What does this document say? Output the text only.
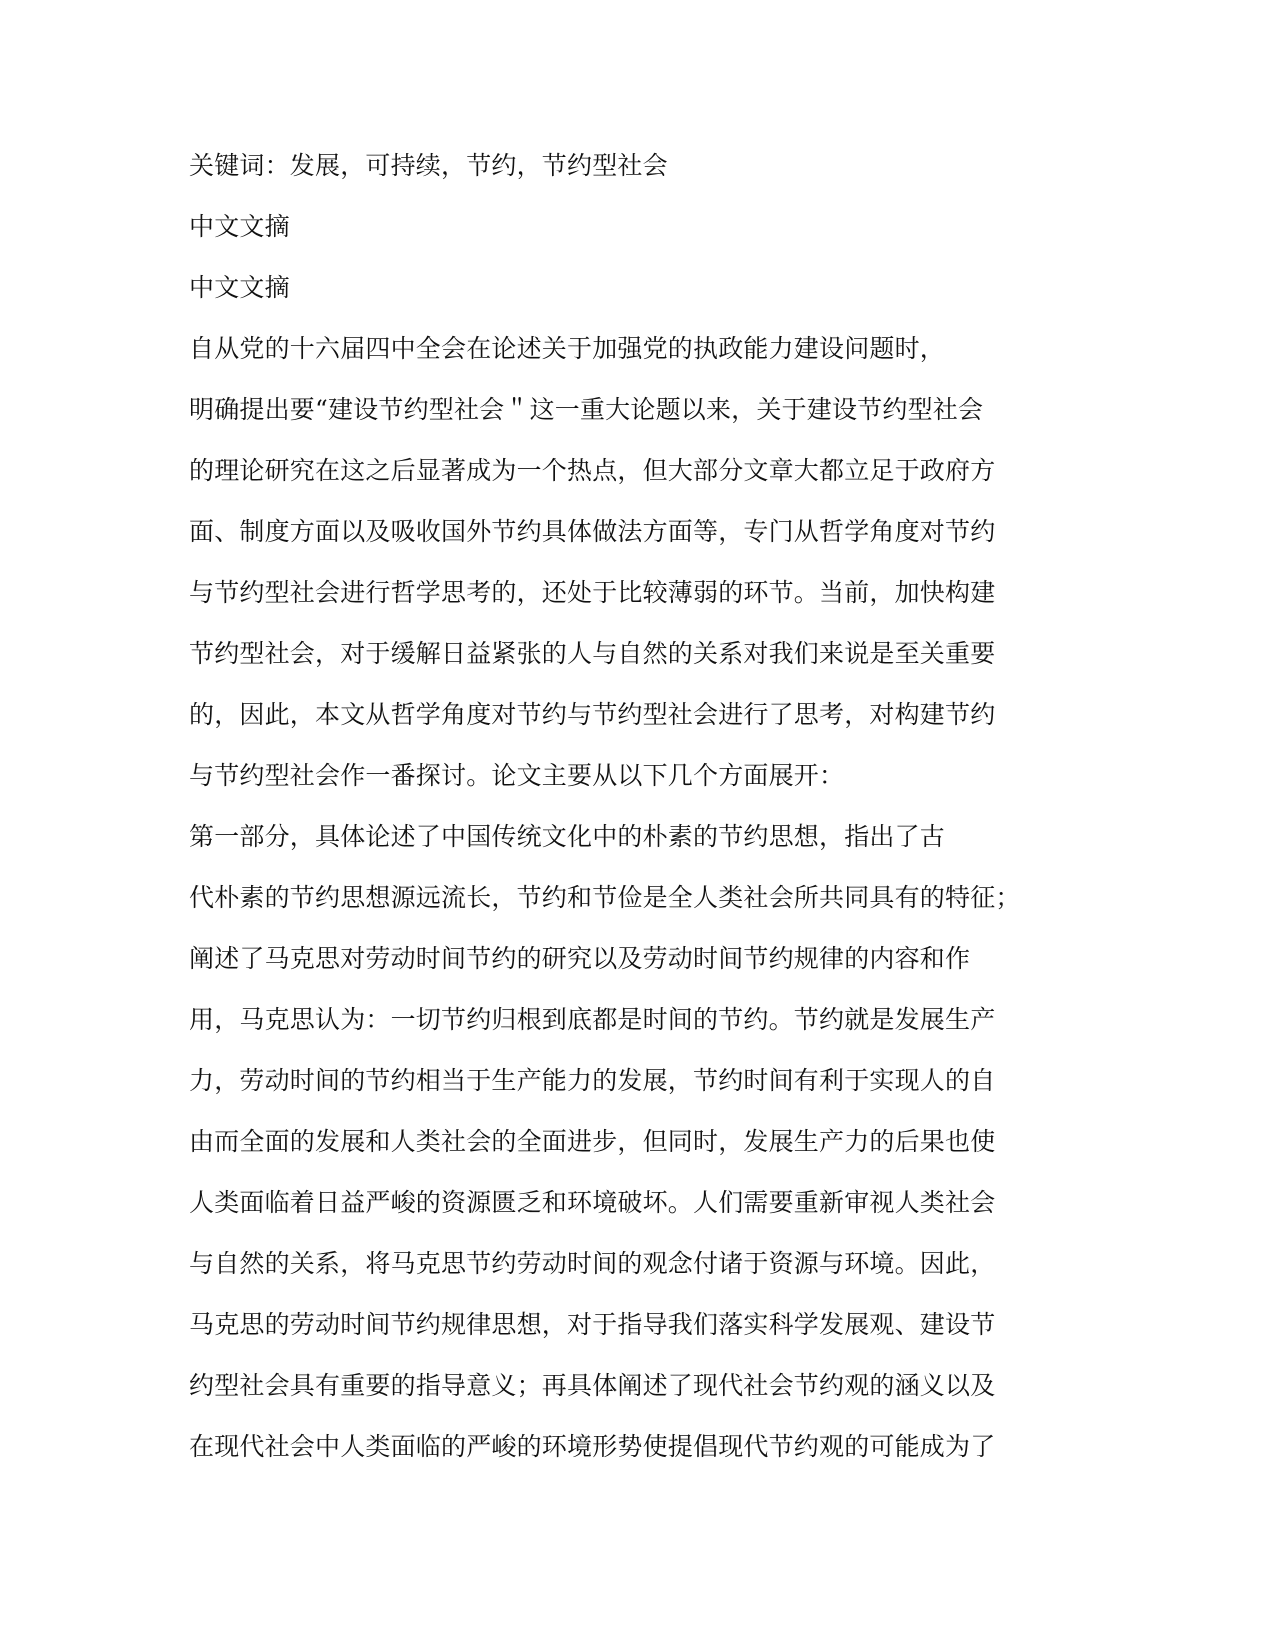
关键词：发展，可持续，节约，节约型社会
中文文摘
中文文摘
自从党的十六届四中全会在论述关于加强党的执政能力建设问题时，
明确提出要“建设节约型社会＂这一重大论题以来，关于建设节约型社会
的理论研究在这之后显著成为一个热点，但大部分文章大都立足于政府方
面、制度方面以及吸收国外节约具体做法方面等，专门从哲学角度对节约
与节约型社会进行哲学思考的，还处于比较薄弱的环节。当前，加快构建
节约型社会，对于缓解日益紧张的人与自然的关系对我们来说是至关重要
的，因此，本文从哲学角度对节约与节约型社会进行了思考，对构建节约
与节约型社会作一番探讨。论文主要从以下几个方面展开：
第一部分，具体论述了中国传统文化中的朴素的节约思想，指出了古
代朴素的节约思想源远流长，节约和节俭是全人类社会所共同具有的特征；
阐述了马克思对劳动时间节约的研究以及劳动时间节约规律的内容和作
用，马克思认为：一切节约归根到底都是时间的节约。节约就是发展生产
力，劳动时间的节约相当于生产能力的发展，节约时间有利于实现人的自
由而全面的发展和人类社会的全面进步，但同时，发展生产力的后果也使
人类面临着日益严峻的资源匮乏和环境破坏。人们需要重新审视人类社会
与自然的关系，将马克思节约劳动时间的观念付诸于资源与环境。因此，
马克思的劳动时间节约规律思想，对于指导我们落实科学发展观、建设节
约型社会具有重要的指导意义；再具体阐述了现代社会节约观的涵义以及
在现代社会中人类面临的严峻的环境形势使提倡现代节约观的可能成为了
